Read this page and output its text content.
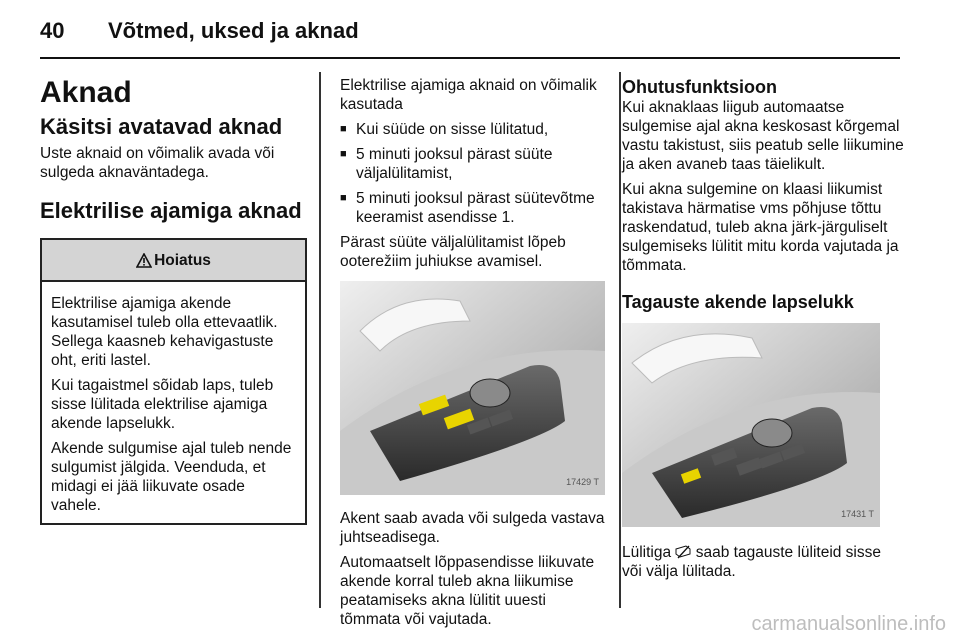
40 Võtmed, uksed ja aknad

Aknad

Käsitsi avatavad aknad

Uste aknaid on võimalik avada või sulgeda aknaväntadega.

Elektrilise ajamiga aknad

Hoiatus

Elektrilise ajamiga akende kasutamisel tuleb olla ettevaatlik. Sellega kaasneb kehavigastuste oht, eriti lastel.

Kui tagaistmel sõidab laps, tuleb sisse lülitada elektrilise ajamiga akende lapselukk.

Akende sulgumise ajal tuleb nende sulgumist jälgida. Veenduda, et midagi ei jää liikuvate osade vahele.

Elektrilise ajamiga aknaid on võimalik kasutada

■ Kui süüde on sisse lülitatud,
■ 5 minuti jooksul pärast süüte väljalülitamist,
■ 5 minuti jooksul pärast süütevõtme keeramist asendisse 1.

Pärast süüte väljalülitamist lõpeb ooterežiim juhiukse avamisel.

17429 T

Akent saab avada või sulgeda vastava juhtseadisega.

Automaatselt lõppasendisse liikuvate akende korral tuleb akna liikumise peatamiseks akna lülitit uuesti tõmmata või vajutada.

Ohutusfunktsioon

Kui aknaklaas liigub automaatse sulgemise ajal akna keskosast kõrgemal vastu takistust, siis peatub selle liikumine ja aken avaneb taas täielikult.

Kui akna sulgemine on klaasi liikumist takistava härmatise vms põhjuse tõttu raskendatud, tuleb akna järk-järguliselt sulgemiseks lülitit mitu korda vajutada ja tõmmata.

Tagauste akende lapselukk

17431 T

Lülitiga saab tagauste lüliteid sisse või välja lülitada.

carmanualsonline.info
